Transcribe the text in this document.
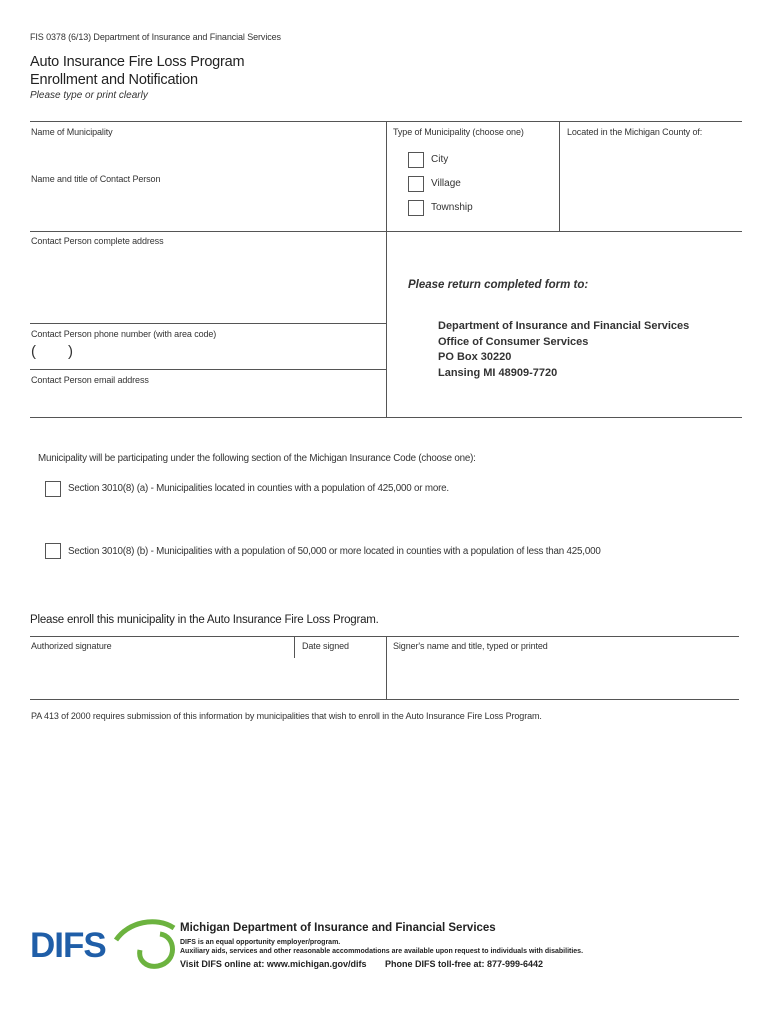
FIS 0378 (6/13) Department of Insurance and Financial Services
Auto Insurance Fire Loss Program
Enrollment and Notification
Please type or print clearly
Name of Municipality
Name and title of Contact Person
Contact Person complete address
Contact Person phone number (with area code)
( )
Contact Person email address
Type of Municipality (choose one)
City
Village
Township
Located in the Michigan County of:
Please return completed form to:
Department of Insurance and Financial Services
Office of Consumer Services
PO Box 30220
Lansing MI 48909-7720
Municipality will be participating under the following section of the Michigan Insurance Code (choose one):
Section 3010(8) (a) - Municipalities located in counties with a population of 425,000 or more.
Section 3010(8) (b) - Municipalities with a population of 50,000 or more located in counties with a population of less than 425,000
Please enroll this municipality in the Auto Insurance Fire Loss Program.
Authorized signature	Date signed	Signer's name and title, typed or printed
PA 413 of 2000 requires submission of this information by municipalities that wish to enroll in the Auto Insurance Fire Loss Program.
DIFS	Michigan Department of Insurance and Financial Services
DIFS is an equal opportunity employer/program.
Auxiliary aids, services and other reasonable accommodations are available upon request to individuals with disabilities.
Visit DIFS online at: www.michigan.gov/difs Phone DIFS toll-free at: 877-999-6442
